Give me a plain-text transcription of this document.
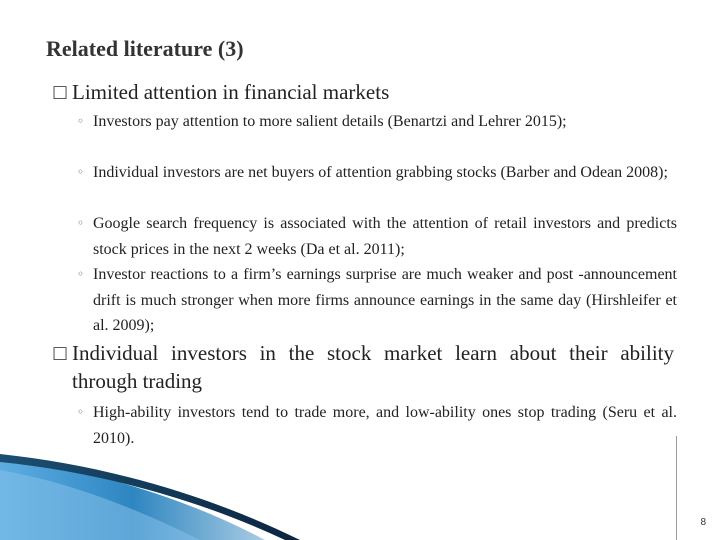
Related literature (3)
□ Limited attention in financial markets
◦ Investors pay attention to more salient details (Benartzi and Lehrer 2015);
◦ Individual investors are net buyers of attention grabbing stocks (Barber and Odean 2008);
◦ Google search frequency is associated with the attention of retail investors and predicts stock prices in the next 2 weeks (Da et al. 2011);
◦ Investor reactions to a firm’s earnings surprise are much weaker and post -announcement drift is much stronger when more firms announce earnings in the same day (Hirshleifer et al. 2009);
□ Individual investors in the stock market learn about their ability through trading
◦ High-ability investors tend to trade more, and low-ability ones stop trading (Seru et al. 2010).
8
